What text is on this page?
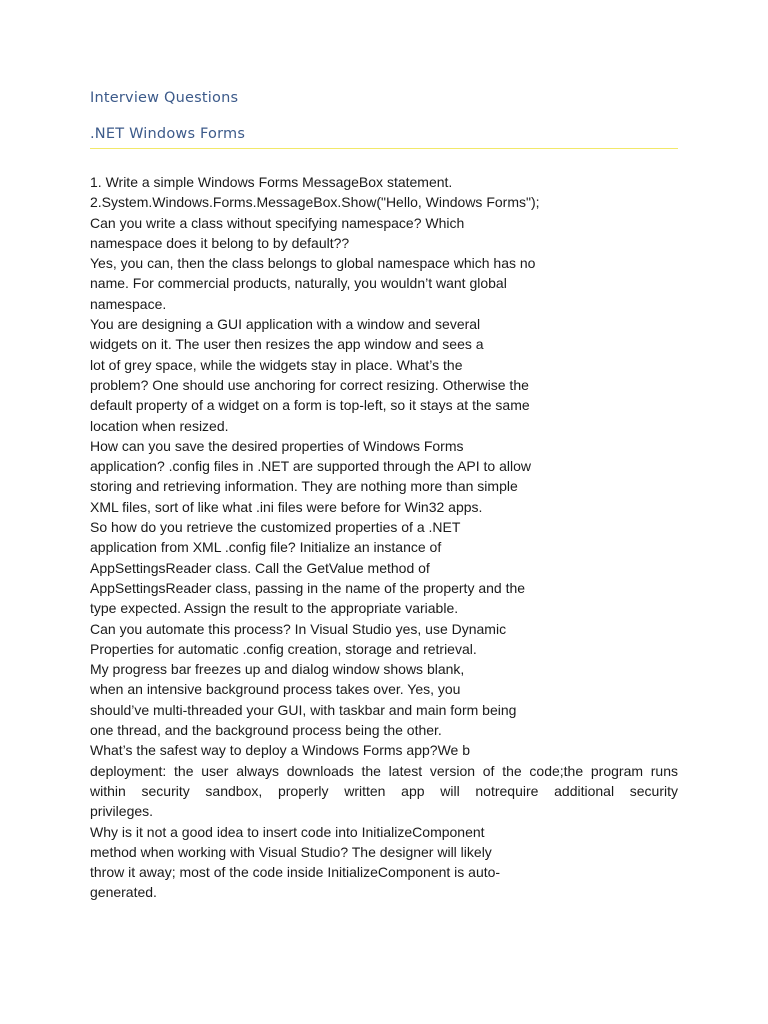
Interview Questions
.NET Windows Forms
1. Write a simple Windows Forms MessageBox statement.
2.System.Windows.Forms.MessageBox.Show("Hello, Windows Forms");
Can you write a class without specifying namespace? Which
namespace does it belong to by default??
Yes, you can, then the class belongs to global namespace which has no
name. For commercial products, naturally, you wouldn’t want global
namespace.
You are designing a GUI application with a window and several
widgets on it. The user then resizes the app window and sees a
lot of grey space, while the widgets stay in place. What’s the
problem? One should use anchoring for correct resizing. Otherwise the
default property of a widget on a form is top-left, so it stays at the same
location when resized.
How can you save the desired properties of Windows Forms
application? .config files in .NET are supported through the API to allow
storing and retrieving information. They are nothing more than simple
XML files, sort of like what .ini files were before for Win32 apps.
So how do you retrieve the customized properties of a .NET
application from XML .config file? Initialize an instance of
AppSettingsReader class. Call the GetValue method of
AppSettingsReader class, passing in the name of the property and the
type expected. Assign the result to the appropriate variable.
Can you automate this process? In Visual Studio yes, use Dynamic
Properties for automatic .config creation, storage and retrieval.
My progress bar freezes up and dialog window shows blank,
when an intensive background process takes over. Yes, you
should’ve multi-threaded your GUI, with taskbar and main form being
one thread, and the background process being the other.
What’s the safest way to deploy a Windows Forms app?We b
deployment: the user always downloads the latest version of the code;the program runs
within security sandbox, properly written app will notrequire additional security
privileges.
Why is it not a good idea to insert code into InitializeComponent
method when working with Visual Studio? The designer will likely
throw it away; most of the code inside InitializeComponent is auto-
generated.
